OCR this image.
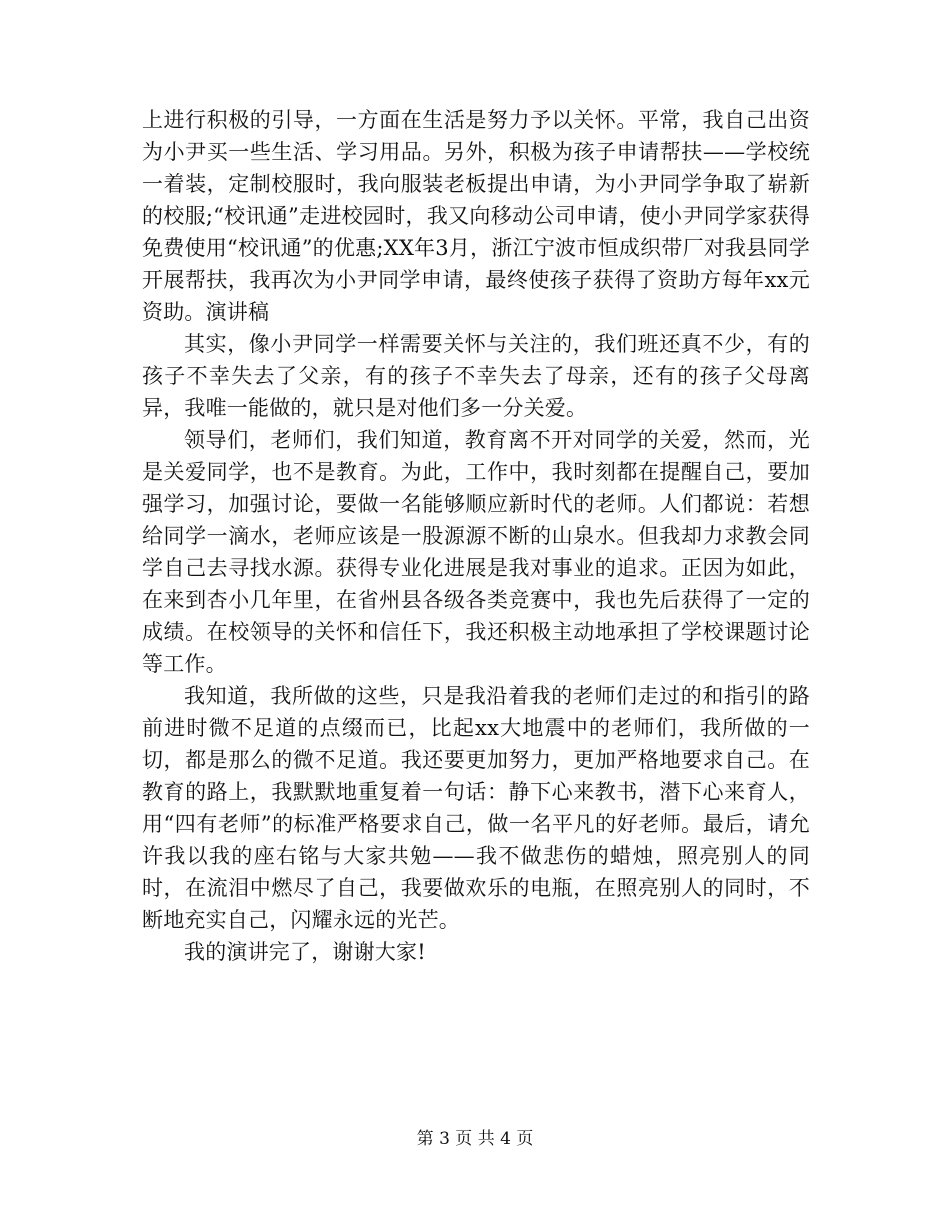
上进行积极的引导，一方面在生活是努力予以关怀。平常，我自己出资为小尹买一些生活、学习用品。另外，积极为孩子申请帮扶——学校统一着装，定制校服时，我向服装老板提出申请，为小尹同学争取了崭新的校服;“校讯通”走进校园时，我又向移动公司申请，使小尹同学家获得免费使用“校讯通”的优惠;XX年3月，浙江宁波市恒成织带厂对我县同学开展帮扶，我再次为小尹同学申请，最终使孩子获得了资助方每年xx元资助。演讲稿

其实，像小尹同学一样需要关怀与关注的，我们班还真不少，有的孩子不幸失去了父亲，有的孩子不幸失去了母亲，还有的孩子父母离异，我唯一能做的，就只是对他们多一分关爱。

领导们，老师们，我们知道，教育离不开对同学的关爱，然而，光是关爱同学，也不是教育。为此，工作中，我时刻都在提醒自己，要加强学习，加强讨论，要做一名能够顺应新时代的老师。人们都说：若想给同学一滴水，老师应该是一股源源不断的山泉水。但我却力求教会同学自己去寻找水源。获得专业化进展是我对事业的追求。正因为如此，在来到杏小几年里，在省州县各级各类竞赛中，我也先后获得了一定的成绩。在校领导的关怀和信任下，我还积极主动地承担了学校课题讨论等工作。

我知道，我所做的这些，只是我沿着我的老师们走过的和指引的路前进时微不足道的点缀而已，比起xx大地震中的老师们，我所做的一切，都是那么的微不足道。我还要更加努力，更加严格地要求自己。在教育的路上，我默默地重复着一句话：静下心来教书，潜下心来育人，用“四有老师”的标准严格要求自己，做一名平凡的好老师。最后，请允许我以我的座右铭与大家共勉——我不做悲伤的蜡烛，照亮别人的同时，在流泪中燃尽了自己，我要做欢乐的电瓶，在照亮别人的同时，不断地充实自己，闪耀永远的光芒。

我的演讲完了，谢谢大家!

第 3 页 共 4 页
